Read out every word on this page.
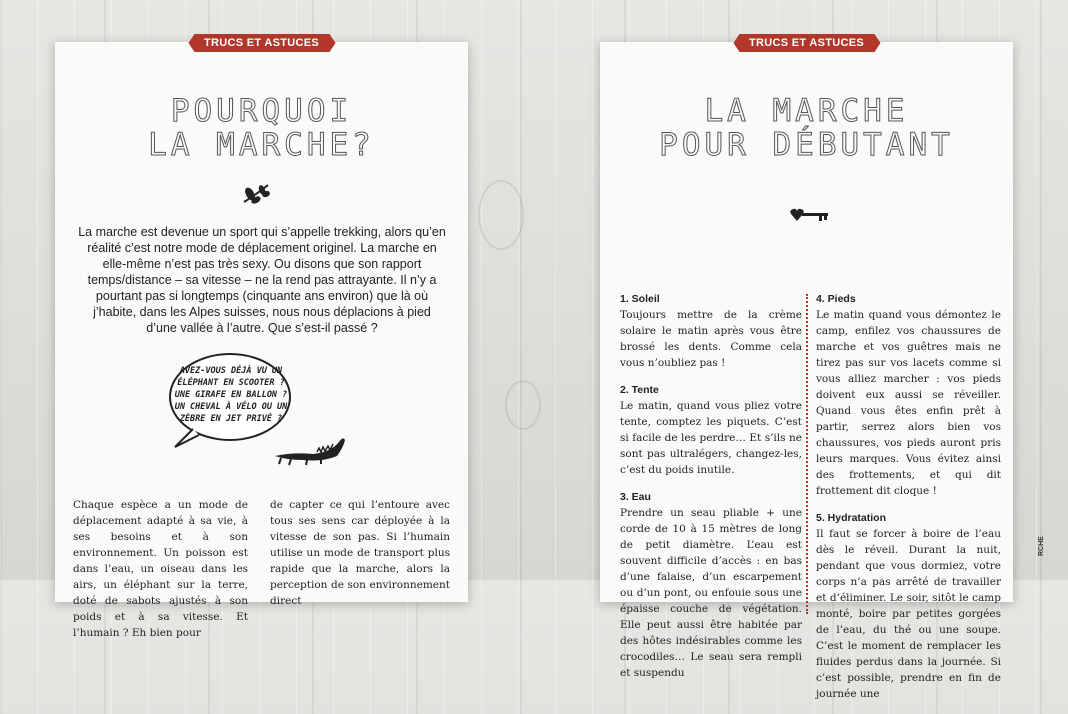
TRUCS ET ASTUCES
POURQUOI
LA MARCHE?
La marche est devenue un sport qui s’appelle trekking, alors qu’en réalité c’est notre mode de déplacement originel. La marche en elle-même n’est pas très sexy. Ou disons que son rapport temps/distance – sa vitesse – ne la rend pas attrayante. Il n’y a pourtant pas si longtemps (cinquante ans environ) que là où j’habite, dans les Alpes suisses, nous nous déplacions à pied d’une vallée à l’autre. Que s’est-il passé ?
AVEZ-VOUS DÉJÀ VU UN ÉLÉPHANT EN SCOOTER ? UNE GIRAFE EN BALLON ? UN CHEVAL À VÉLO OU UN ZÈBRE EN JET PRIVÉ ?
Chaque espèce a un mode de déplacement adapté à sa vie, à ses besoins et à son environnement. Un poisson est dans l’eau, un oiseau dans les airs, un éléphant sur la terre, doté de sabots ajustés à son poids et à sa vitesse. Et l’humain ? Eh bien pour
de capter ce qui l’entoure avec tous ses sens car déployée à la vitesse de son pas. Si l’humain utilise un mode de transport plus rapide que la marche, alors la perception de son environnement direct
TRUCS ET ASTUCES
LA MARCHE
POUR DÉBUTANT
1. Soleil
Toujours mettre de la crème solaire le matin après vous être brossé les dents. Comme cela vous n’oubliez pas !
2. Tente
Le matin, quand vous pliez votre tente, comptez les piquets. C’est si facile de les perdre… Et s’ils ne sont pas ultralégers, changez-les, c’est du poids inutile.
3. Eau
Prendre un seau pliable + une corde de 10 à 15 mètres de long de petit diamètre. L’eau est souvent difficile d’accès : en bas d’une falaise, d’un escarpement ou d’un pont, ou enfouie sous une épaisse couche de végétation. Elle peut aussi être habitée par des hôtes indésirables comme les crocodiles… Le seau sera rempli et suspendu
4. Pieds
Le matin quand vous démontez le camp, enfilez vos chaussures de marche et vos guêtres mais ne tirez pas sur vos lacets comme si vous alliez marcher : vos pieds doivent eux aussi se réveiller. Quand vous êtes enfin prêt à partir, serrez alors bien vos chaussures, vos pieds auront pris leurs marques. Vous évitez ainsi des frottements, et qui dit frottement dit cloque !
5. Hydratation
Il faut se forcer à boire de l’eau dès le réveil. Durant la nuit, pendant que vous dormiez, votre corps n’a pas arrêté de travailler et d’éliminer. Le soir, sitôt le camp monté, boire par petites gorgées de l’eau, du thé ou une soupe. C’est le moment de remplacer les fluides perdus dans la journée. Si c’est possible, prendre en fin de journée une
RCHE
